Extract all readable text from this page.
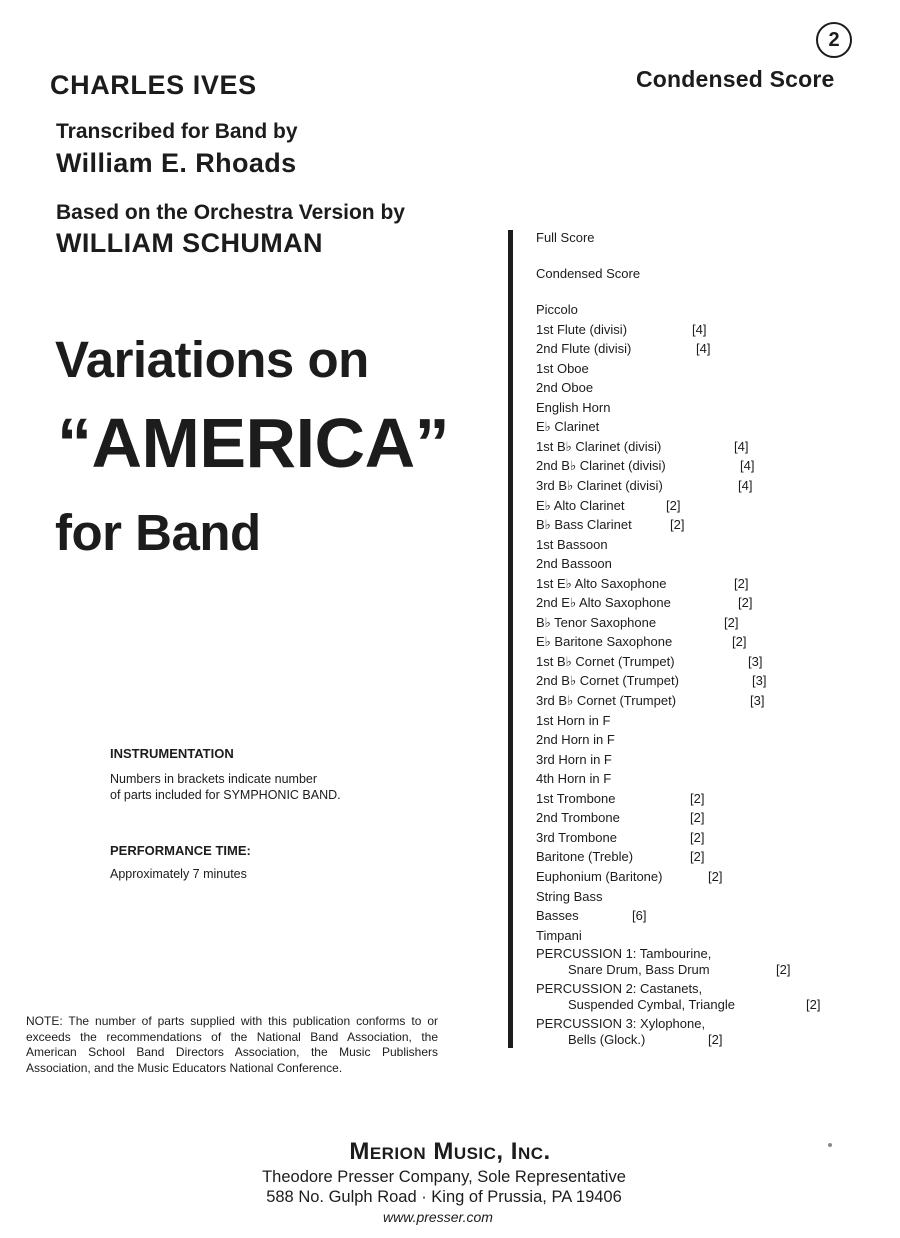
2
Condensed Score
CHARLES IVES
Transcribed for Band by
William E. Rhoads
Based on the Orchestra Version by
WILLIAM SCHUMAN
Variations on
“AMERICA”
for Band
INSTRUMENTATION
Numbers in brackets indicate number
of parts included for SYMPHONIC BAND.
PERFORMANCE TIME:
Approximately 7 minutes
NOTE: The number of parts supplied with this publication conforms to or exceeds the recommendations of the National Band Association, the American School Band Directors Association, the Music Publishers Association, and the Music Educators National Conference.
Full Score
Condensed Score
Piccolo
1st Flute (divisi)	[4]
2nd Flute (divisi)	[4]
1st Oboe
2nd Oboe
English Horn
E♭ Clarinet
1st B♭ Clarinet (divisi)	[4]
2nd B♭ Clarinet (divisi)	[4]
3rd B♭ Clarinet (divisi)	[4]
E♭ Alto Clarinet	[2]
B♭ Bass Clarinet	[2]
1st Bassoon
2nd Bassoon
1st E♭ Alto Saxophone	[2]
2nd E♭ Alto Saxophone	[2]
B♭ Tenor Saxophone	[2]
E♭ Baritone Saxophone	[2]
1st B♭ Cornet (Trumpet)	[3]
2nd B♭ Cornet (Trumpet)	[3]
3rd B♭ Cornet (Trumpet)	[3]
1st Horn in F
2nd Horn in F
3rd Horn in F
4th Horn in F
1st Trombone	[2]
2nd Trombone	[2]
3rd Trombone	[2]
Baritone (Treble)	[2]
Euphonium (Baritone)	[2]
String Bass
Basses	[6]
Timpani
PERCUSSION 1: Tambourine,
Snare Drum, Bass Drum	[2]
PERCUSSION 2: Castanets,
Suspended Cymbal, Triangle	[2]
PERCUSSION 3: Xylophone,
Bells (Glock.)	[2]
Merion Music, Inc.
Theodore Presser Company, Sole Representative
588 No. Gulph Road · King of Prussia, PA 19406
www.presser.com
